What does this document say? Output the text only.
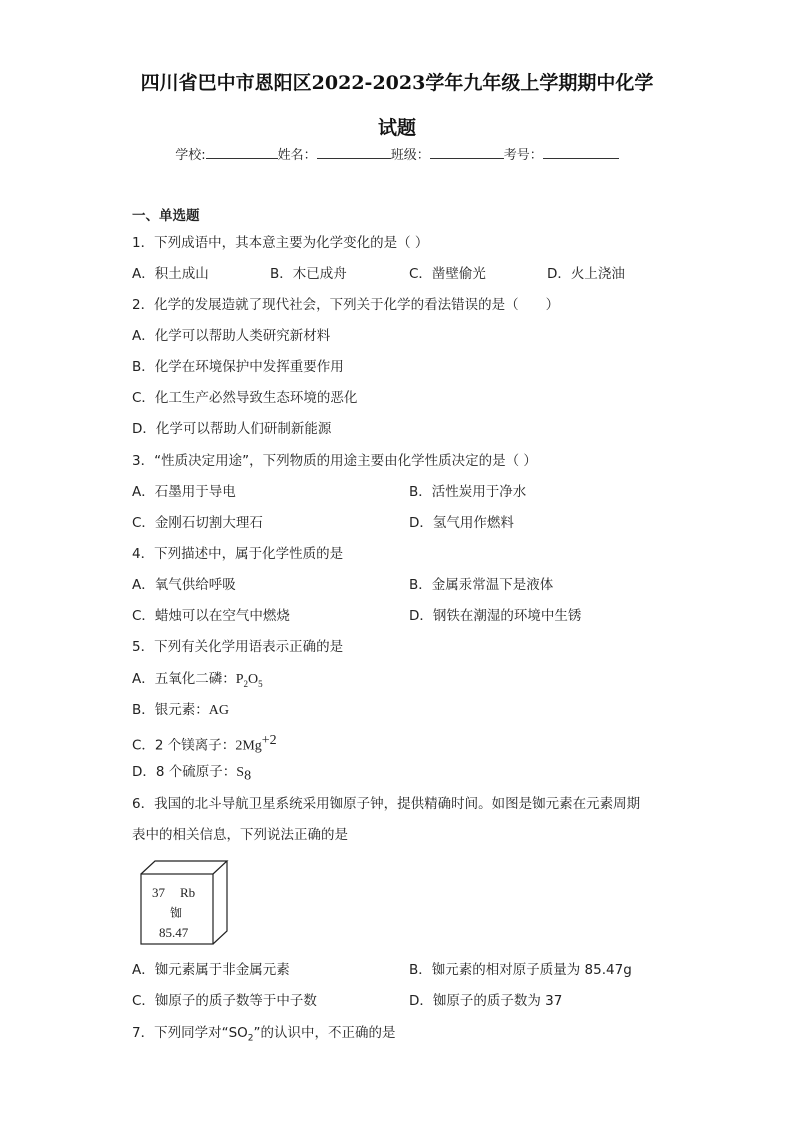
四川省巴中市恩阳区2022-2023学年九年级上学期期中化学
试题
学校:	姓名：	班级：	考号：
一、单选题
1．下列成语中，其本意主要为化学变化的是（ ）
A．积土成山	B．木已成舟	C．凿壁偷光	D．火上浇油
2．化学的发展造就了现代社会，下列关于化学的看法错误的是（　　）
A．化学可以帮助人类研究新材料
B．化学在环境保护中发挥重要作用
C．化工生产必然导致生态环境的恶化
D．化学可以帮助人们研制新能源
3．“性质决定用途”，下列物质的用途主要由化学性质决定的是（ ）
A．石墨用于导电	B．活性炭用于净水
C．金刚石切割大理石	D．氢气用作燃料
4．下列描述中，属于化学性质的是
A．氧气供给呼吸	B．金属汞常温下是液体
C．蜡烛可以在空气中燃烧	D．钢铁在潮湿的环境中生锈
5．下列有关化学用语表示正确的是
A．五氧化二磷：$P_2O_5$
B．银元素：AG
C．2 个镁离子：$2Mg^{+2}$
D．8 个硫原子：$S_8$
6．我国的北斗导航卫星系统采用铷原子钟，提供精确时间。如图是铷元素在元素周期
表中的相关信息，下列说法正确的是
37 Rb
铷
85.47
A．铷元素属于非金属元素	B．铷元素的相对原子质量为 85.47g
C．铷原子的质子数等于中子数	D．铷原子的质子数为 37
7．下列同学对“$SO_2$”的认识中，不正确的是
